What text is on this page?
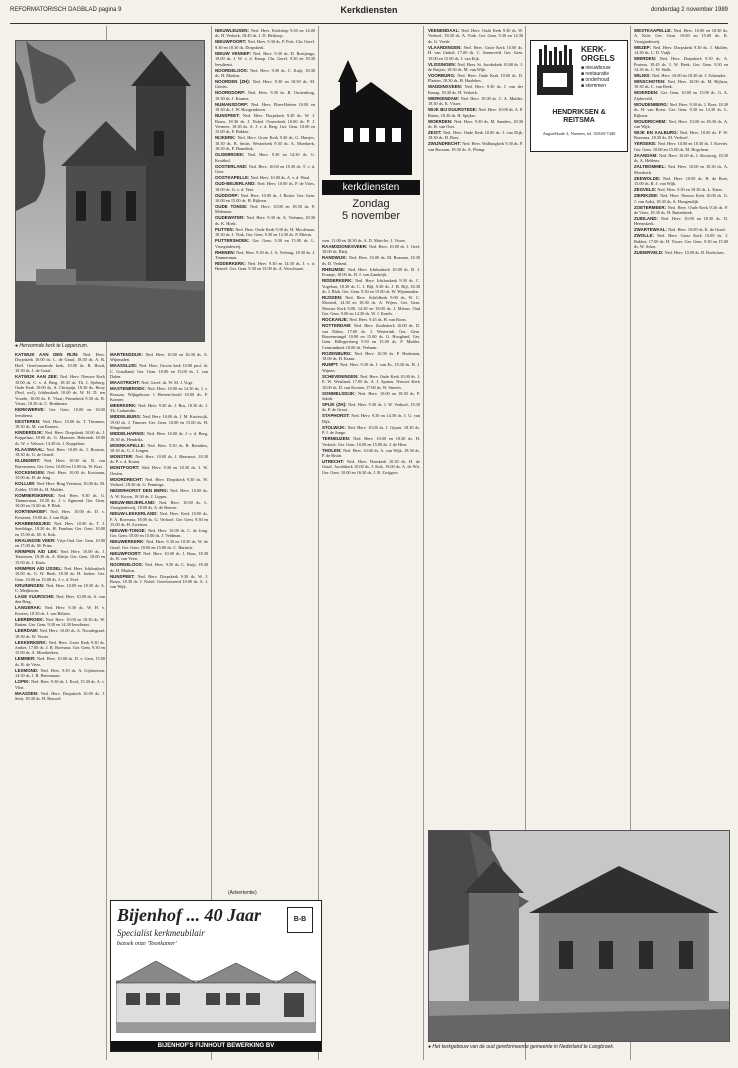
REFORMATORISCH DAGBLAD pagina 9	Kerkdiensten	donderdag 2 november 1989
● Hervormde kerk te Lopperzum.

KATWIJK AAN DEN RIJN: Ned. Herv. Dorpskerk 10.00 ds. L. de Graaf, 18.30 ds. A. B. Hoff. Gereformeerde kerk, 10.00 ds. B. Hood, 18.30 ds. J. de Graaf.

KATWIJK AAN ZEE: Ned. Herv. Nieuwe Kerk 10.00 ds. C. v. d. Berg, 18.30 ds. Th. J. Sjoberg; Oude Kerk 10.00 ds. A. Chrispijn, 18.30 ds. Hooy (Ned. wvl); Ichthuskerk 10.00 ds. W. H. D. ten Voorde, 16.00 ds. E. Vlaar; Prinsekerk 9.30 ds. R. Visser, 18.30 ds. C. Brinkman.

KERKWERVE: Ger. Gem. 10.00 en 16.00 leesdienst.

KESTEREN: Ned. Herv. 10.00 ds. T. Timmers, 18.30 ds. M. van Kranen.

KINDERDIJK: Ned. Herv. Dorpskerk 10.00 ds. J. Koppelaar, 18.00 ds. G. Maassen. Behrends 18.00 ds. W. v. Veluwe, 14.30 ds. J. Koppelaar.

KLAASWAAL: Ned. Herv. 10.00 ds. J. Bronsia, 18.30 ds. G. de Graaff.

KLUNDERT: Ned. Herv. 10.00 ds. B. van Ravensteen, Ger. Gem. 10.00 en 15.00 ds. W. Kort.

KOCKENGEN: Ned. Herv. 10.00 ds. Kooiman, 15.00 ds. H. de Jong.

KOLLUM: Ned. Herv. Brug Veenstra, 10.00 ds. M. Zolder, 19.00 ds. H. Mulder.

KOMMERSKERKE: Ned. Herv. 9.30 ds. G. Timmerman, 18.30 ds. J. v. Egmond. Ger. Gem. 10.00 en 15.00 ds. P. Blok.

KORTENHOEF: Ned. Herv. 10.00 ds. D. v. Kesteren, 19.00 ds. J. van Dijk.

KRABBENDIJKE: Ned. Herv. 10.00 ds. T. J. Snethlage, 18.30 ds. H. Franken. Ger. Gem. 10.00 en 15.00 ds. M. A. Kok.

KRALINGSE VEER: Vrije Oud. Ger. Gem. 10.00 en 17.00 ds. M. Prins.

KRIMPEN A/D LEK: Ned. Herv. 10.00 ds. J. Teunissen, 18.30 ds. A. Kleijn. Ger. Gem. 10.00 en 15.00 ds. J. Kruis.

KRIMPEN A/D IJSSEL: Ned. Herv. Ichthuskerk 10.00 ds. G. W. Beek, 18.30 ds. H. Jonker. Ger. Gem. 10.00 en 15.00 ds. J. v. d. Poel.

KRUININGEN: Ned. Herv. 10.00 en 18.30 ds. A. C. Meijboom.

LAGE VUURSCHE: Ned. Herv. 10.00 ds. A. van den Berg.

LANGERAK: Ned. Herv. 9.30 ds. W. H. v. Kooten, 18.30 ds. J. van Belzen.

LEERBROEK: Ned. Herv. 10.00 en 18.30 ds. W. Rutten. Ger. Gem. 9.30 en 14.30 leesdienst.

LEERDAM: Ned. Herv. 10.00 ds. A. Noordegraaf, 18.30 ds. W. Visser.

LEKKERKERK: Ned. Herv. Grote Kerk 9.30 ds. Jonker, 17.00 ds. J. R. Boersma. Ger. Gem. 9.30 en 15.00 ds. A. Moerkerken.

LEMMER: Ned. Herv. 10.00 ds. D. v. Gent, 15.00 ds. R. de Vries.

LEXMOND: Ned. Herv. 9.30 ds. A. Gijsbertsen, 14.30 ds. J. B. Heeremans.

LOPIK: Ned. Herv. 9.30 ds. J. Kool, 15.30 ds. A. v. Vliet.

MAASSEN: Ned. Herv. Dorpskerk 10.00 ds. J. Smit, 18.30 ds. H. Bouwel.

MARTENSDIJK: Ned. Herv. 10.00 en 16.30 ds. A. Wijnmalen.

MAASSLUIS: Ned. Herv. Groote kerk 10.00 prof. dr. C. Graafland. Ger. Gem. 10.00 en 15.00 ds. J. van Dalen.

MAASTRICHT: Ned. Geref. ds. W. M. J. Vogt.

MASTENBROEK: Ned. Herv. 10.00 en 14.30 ds. J. v. Rossum. Wijkgebouw 't Heeren-hoofd 10.00 ds. F. Kramer.

MEERKERK: Ned. Herv. 9.30 ds. J. Bos, 18.30 ds. J. Th. Cadsandse.

MIDDELBURG: Ned. Herv. 10.00 ds. J. M. Kruiswijk, 19.00 ds. J. Timmer. Ger. Gem. 10.00 en 15.00 ds. H. Slingerland.

MIDDELHARNIS: Ned. Herv. 10.00 ds. J. v. d. Berg, 18.30 ds. Hendriks.

MOERKAPELLE: Ned. Herv. 9.30 ds. B. Reinders, 18.30 ds. G. J. Lingen.

MONSTER: Ned. Herv. 10.00 ds. J. Haasnoot, 18.30 ds. P. v. d. Kraan.

MONTFOORT: Ned. Herv. 9.30 en 18.30 ds. J. W. Oosten.

MOORDRECHT: Ned. Herv. Dorpskerk 9.30 ds. W. Verhoef, 18.30 ds. G. Pennings.

NEDERHORST DEN BERG: Ned. Herv. 10.00 ds. A. W. Kroon, 18.30 ds. J. Lippes.

NIEUW-BEIJERLAND: Ned. Herv. 10.00 ds. L. Vroegindeweij, 18.00 ds. A. de Reuver.

NIEUW-LEKKERLAND: Ned. Herv. Kerk 10.00 ds. F. A. Boersma, 18.00 ds. G. Verhoef. Ger. Gem. 9.30 en 15.00 ds. H. Zweistra.

NIEUWE-TONGE: Ned. Herv. 10.00 ds. C. de Jong. Ger. Gem. 10.00 en 15.00 ds. J. Veldman.

NIEUWERKERK: Ned. Herv. 9.30 en 18.30 ds. W. de Graaf. Ger. Gem. 10.00 en 15.00 ds. C. Harinck.

NIEUWPOORT: Ned. Herv. 10.00 ds. J. Baas, 18.30 ds. B. van Veen.

NOORDELOOS: Ned. Herv. 9.30 ds. C. Kuijt, 18.30 ds. H. Markus.

NUNSPEET: Ned. Herv. Dorpskerk 9.30 ds. W. J. Bouw, 18.30 ds. J. Nobel. Gereformeerd 10.00 ds. A. J. van Wijk.

NIEUWLEUSEN: Ned. Herv. Kerkdorp 9.30 en 14.00 ds. H. Verkerk, 18.45 ds. J. D. Heikoop.

NIEUWPOORT: Ned. Herv. 9.30 ds. P. Pols. Chr. Geref. 9.30 en 18.30 ds. Dorpskerk.

NIEUW VENNEP: Ned. Herv. 9.30 ds. D. Boeijenga, 18.00 ds. J. W. v. d. Kamp. Chr. Geref. 9.30 en 18.30 leesdienst.

NOORDELOOS: Ned. Herv. 9.30 ds. C. Kuijt, 18.30 ds. H. Markus.

NOORDEN (ZH): Ned. Herv. 9.30 en 18.30 ds. M. Gerrits.

NOORDDORP: Ned. Herv. 9.30 ds. B. Oostenbrug, 18.30 ds. J. Kramer.

NUMANSDORP: Ned. Herv. Eben-Haëzer 10.00 en 18.30 ds. J. W. Hoogendoorn.

NUNSPEET: Ned. Herv. Dorpskerk 9.30 ds. W. J. Bouw, 18.30 ds. J. Nobel. Oosterkerk 10.00 ds. P. J. Vermeer, 18.30 ds. A. J. v. d. Berg. Ger. Gem. 10.00 en 15.00 ds. F. Bakker.

NIJKERK: Ned. Herv. Grote Kerk 9.30 ds. G. Huisjes, 18.30 ds. B. Smits. Westerkerk 9.30 ds. A. Moerkerk, 18.30 ds. P. Hamelink.

OLDEBROEK: Ned. Herv. 9.30 en 14.30 ds. G. Kruithof.

OOSTERLAND: Ned. Herv. 10.00 en 18.30 ds. T. v. d. Geer.

OOSTKAPELLE: Ned. Herv. 10.00 ds. A. v. d. Waal.

OUD-BEIJERLAND: Ned. Herv. 10.00 ds. P. de Vries, 18.00 ds. G. v. d. Veer.

OUDDORP: Ned. Herv. 10.00 ds. J. Ruiter. Ger. Gem. 10.00 en 15.00 ds. H. Rijksen.

OUDE TONGE: Ned. Herv. 10.00 en 18.30 ds. P. Molenaar.

OUDEWATER: Ned. Herv. 9.30 ds. A. Verbaan, 18.30 ds. K. Hoek.

PUTTEN: Ned. Herv. Oude Kerk 9.30 ds. H. Moolenaar, 18.30 ds. J. Vink. Ger. Gem. 9.30 en 14.30 ds. P. Mieras.

PUTTERSHOEK: Ger. Gem. 9.30 en 15.00 ds. L. Vroegindeweij.

RHENEN: Ned. Herv. 9.30 ds. J. A. Verburg, 18.30 ds. J. Timmerman.

RIDDERKERK: Ned. Herv. 9.30 en 14.30 ds. J. v. d. Heuvel. Ger. Gem. 9.30 en 15.00 ds. A. Verschuure.

kerkdiensten
Zondag
5 november

wen. 11.00 en 18.30 ds. A. D. Muis-ke. J. Visser.

RAAMSDONKSVEER: Ned. Herv. 10.00 ds. J. Geel, 18.00 ds. Bleij.

RANDWIJK: Ned. Herv. 10.00 ds. M. Bosman, 18.30 ds. D. Verheul.

RHEUMSE: Ned. Herv. Ichthuskerk 10.00 ds. B. J. Fraanje, 18.00 ds. H. J. van Zandwijk.

RIDDERKERK: Ned. Herv. Ichthuskerk 9.30 ds. C. Vogelaar, 18.30 ds. C. J. Bijl, 9.30 ds. J. H. Bijl, 18.30 ds. J. Blok. Ger. Gem. 9.30 en 15.00 ds. W. Wijnmaalen.

RIJSSEN: Ned. Herv. Schildkerk 9.00 ds. W. C. Mosterd, 14.30 en 18.30 ds. A. Wijers. Ger. Gem. Nieuwe Kerk 9.00, 14.30 en 18.00 ds. J. Mieras. Oud Ger. Gem. 9.00 en 14.30 ds. W. J. Karels.

ROCKANJE: Ned. Herv. 9.45 ds. H. van Roon.

ROTTERDAM: Ned. Herv. Zuiderkerk 10.00 ds. D. van Dalen, 17.00 ds. J. Westerink. Ger. Gem. Boezemsingel 10.00 en 15.00 ds. G. Hoogland. Ger. Gem. Hillegersberg 9.30 en 15.00 ds. P. Mulder. Centrumkerk 10.00 ds. Verbaan.

ROZENBURG: Ned. Herv. 10.00 ds. P. Hoekman, 18.00 ds. H. Kraan.

RUMPT: Ned. Herv. 9.30 ds. J. van Es, 18.30 ds. H. J. Wijnen.

SCHEVENINGEN: Ned. Herv. Oude Kerk 10.00 ds. J. E. W. Westland, 17.00 ds. A. J. Spaans. Nieuwe Kerk 10.00 ds. D. van Kooten, 17.00 ds. W. Smeets.

SOMMELSDIJK: Ned. Herv. 10.00 en 18.30 ds. P. Jakob.

SPIJK (ZH): Ned. Herv. 9.30 ds. J. W. Verhoef, 18.30 ds. P. de Groot.

STAPHORST: Ned. Herv. 9.30 en 14.30 ds. J. G. van Dijk.

STOLWIJK: Ned. Herv. 10.00 ds. J. Gijsen, 18.30 ds. P. J. de Jonge.

TERNEUZEN: Ned. Herv. 10.00 en 18.30 ds. H. Verkerk. Ger. Gem. 10.00 en 15.00 ds. J. de Heer.

THOLEN: Ned. Herv. 10.00 ds. A. van Wijk, 18.30 ds. P. de Bruin.

UTRECHT: Ned. Herv. Domkerk 10.30 ds. H. de Graaf. Jacobikerk 10.00 ds. J. Kok, 19.00 ds. A. de Wit. Ger. Gem. 10.00 en 16.30 ds. J. B. Zwijgers.

VEENENDAAL: Ned. Herv. Oude Kerk 9.30 ds. W. Verhoef, 18.30 ds. A. Vink. Ger. Gem. 9.30 en 14.30 ds. G. Vrede.

VLAARDINGEN: Ned. Herv. Grote Kerk 10.00 ds. H. van Ginkel, 17.00 ds. C. Sonneveld. Ger. Gem. 10.00 en 15.00 ds. J. van Eijk.

VLISSINGEN: Ned. Herv. St. Jacobskerk 10.00 ds. J. de Ruijter, 18.30 ds. M. van Wijk.

VOORBURG: Ned. Herv. Oude Kerk 10.00 ds. D. Plaisier, 18.30 ds. H. Haalebos.

WADDINXVEEN: Ned. Herv. 9.30 ds. J. van der Knaap, 18.30 ds. H. Verkerk.

WERKENDAM: Ned. Herv. 10.00 ds. C. A. Mulder, 18.30 ds. K. Visser.

WIJK BIJ DUURSTEDE: Ned. Herv. 10.00 ds. A. P. Ruiter, 18.30 ds. H. Spijker.

WOERDEN: Ned. Herv. 9.30 ds. M. Sanders, 18.30 ds. R. van Oort.

ZEIST: Ned. Herv. Oude Kerk 10.00 ds. J. van Dijk, 18.30 ds. H. Boer.

ZWIJNDRECHT: Ned. Herv. Walburgkerk 9.30 ds. P. van Rossum, 18.30 ds. A. Plomp.

KERK-
ORGELS
■ nieuwbouw
■ restauratie
■ onderhoud
■ stemmen
HENDRIKSEN &
REITSMA
Angstelkade 2, Nuenen, tel. 02940-7440

WESTKAAPELLE: Ned. Herv. 10.00 en 18.30 ds. A. Kole. Ger. Gem. 10.00 en 15.00 ds. K. Vroegindeweij.

WEZEP: Ned. Herv. Dorpskerk 9.30 ds. J. Mulder, 14.30 ds. C. D. Vuijk.

WIERDEN: Ned. Herv. Dorpskerk 9.30 ds. A. Postma, 18.45 ds. J. W. Beek. Ger. Gem. 9.30 en 14.30 ds. C. W. Stolk.

WILNIS: Ned. Herv. 10.00 en 18.30 ds. J. Schreuder.

WINSCHOTEN: Ned. Herv. 10.00 ds. M. Bijlstra, 18.30 ds. C. van Beek.

WOERDEN: Ger. Gem. 10.00 en 15.00 ds. G. A. Zijderveld.

WOUDENBERG: Ned. Herv. 9.30 ds. J. Boer, 18.30 ds. H. van Roest. Ger. Gem. 9.30 en 14.30 ds. L. Rijksen.

WOUDRICHEM: Ned. Herv. 10.00 en 18.30 ds. A. van Wijk.

WIJK EN AALBURG: Ned. Herv. 10.00 ds. P. W. Boersma, 18.30 ds. M. Verhoef.

YERSEKE: Ned. Herv. 10.00 en 18.30 ds. J. Kieviet. Ger. Gem. 10.00 en 15.00 ds. M. Hogchem.

ZAANDAM: Ned. Herv. 10.00 ds. J. Slootweg, 18.30 ds. A. Heldens.

ZALTBOMMEL: Ned. Herv. 10.00 en 18.30 ds. A. Moerkerk.

ZEEWOLDE: Ned. Herv. 10.00 ds. H. de Boer, 15.00 ds. R. J. van Wijk.

ZEGVELD: Ned. Herv. 9.30 en 18.30 ds. L. Kater.

ZIERIKZEE: Ned. Herv. Nieuwe Kerk 10.00 ds. G. J. van Aalst, 18.30 ds. A. Hoogendijk.

ZOETERMEER: Ned. Herv. Oude Kerk 9.30 ds. P. de Vries, 18.30 ds. H. Ruitenbeek.

ZUIDLAND: Ned. Herv. 10.00 en 18.30 ds. D. Heemskerk.

ZWARTEWAAL: Ned. Herv. 10.00 ds. K. de Graaf.

ZWOLLE: Ned. Herv. Grote Kerk 10.00 ds. J. Bakker, 17.00 ds. H. Visser. Ger. Gem. 9.30 en 15.00 ds. W. Schot.

ZUIDERVELD: Ned. Herv. 10.00 ds. B. Roelofsen.

● Het kerkgebouw van de oud gereformeerde gemeente in Nederland te Langbroek.
(Advertentie)
Bijenhof ... 40 Jaar
Specialist kerkmeubilair
bezoek onze 'Toonkamer'
B-B
BIJENHOF'S FIJNHOUT BEWERKING BV
